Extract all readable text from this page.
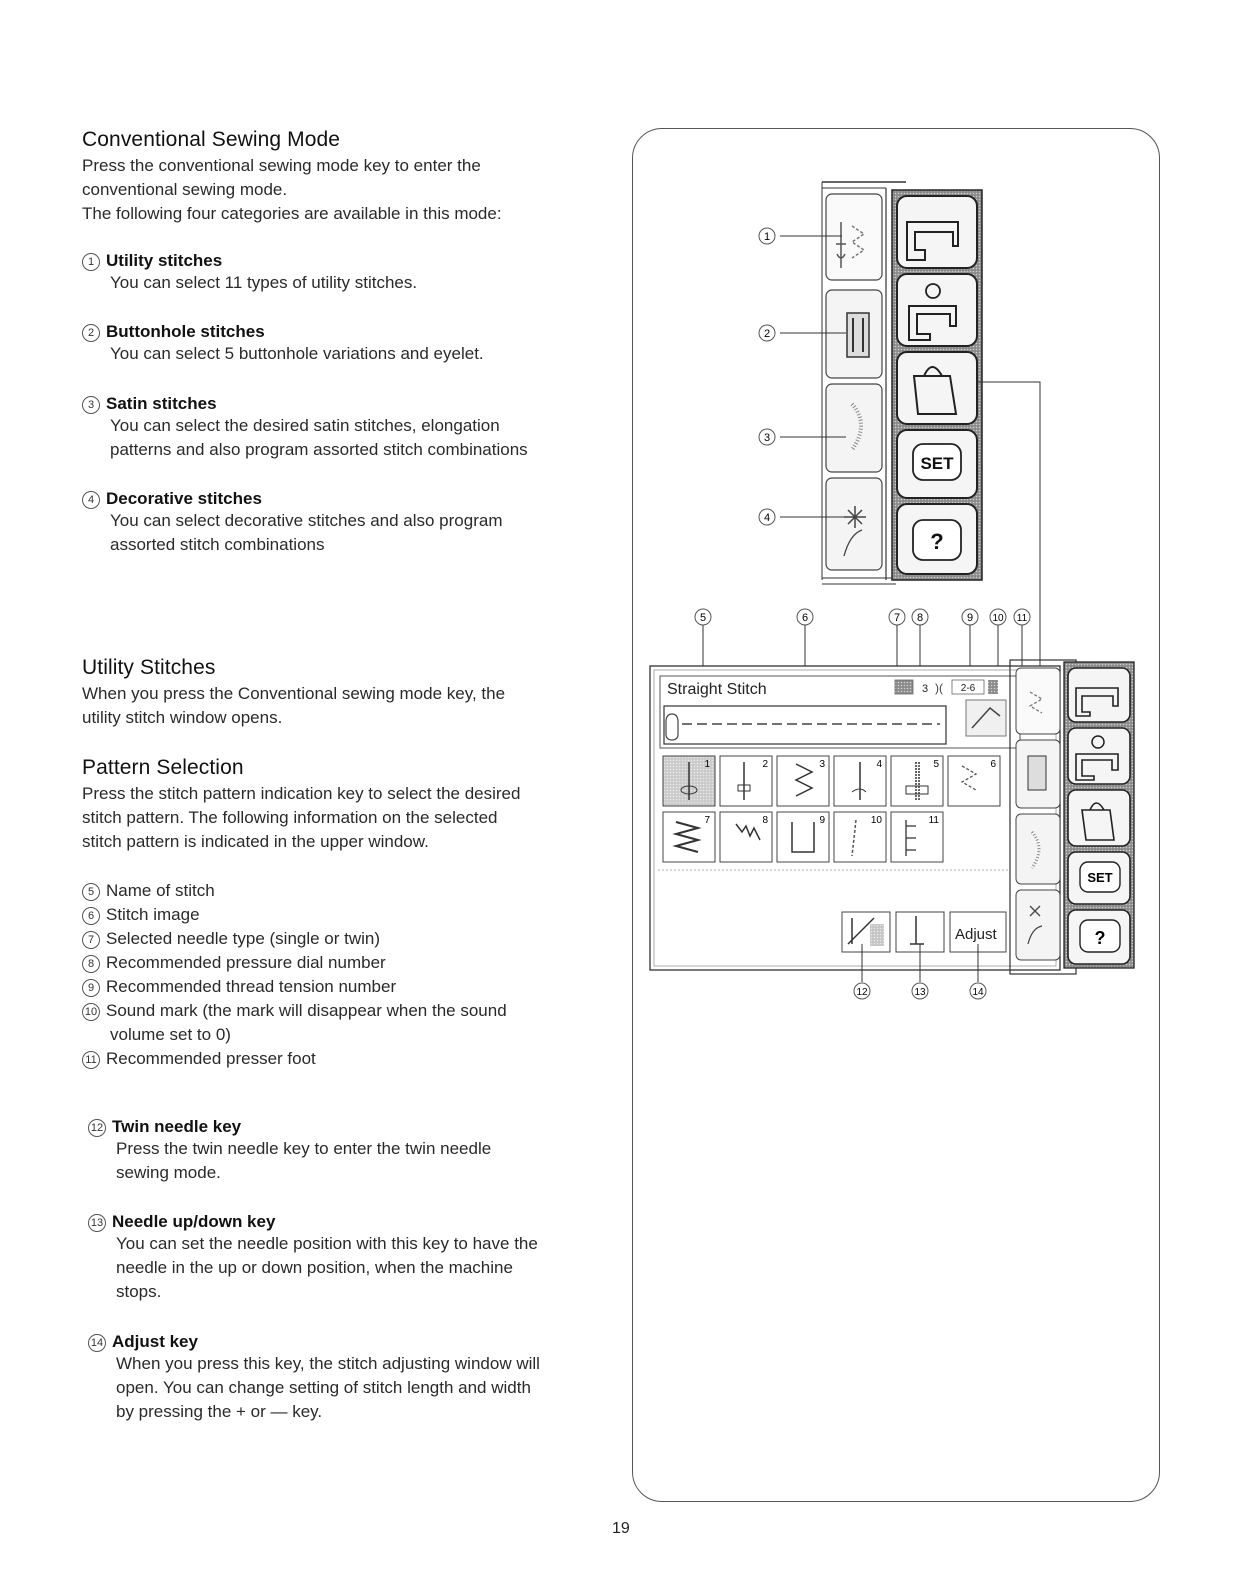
Conventional Sewing Mode
Press the conventional sewing mode key to enter the
conventional sewing mode.
The following four categories are available in this mode:
1 Utility stitches
You can select 11 types of utility stitches.
2 Buttonhole stitches
You can select 5 buttonhole variations and eyelet.
3 Satin stitches
You can select the desired satin stitches, elongation
patterns and also program assorted stitch combinations
4 Decorative stitches
You can select decorative stitches and also program
assorted stitch combinations
Utility Stitches
When you press the Conventional sewing mode key, the
utility stitch window opens.
Pattern Selection
Press the stitch pattern indication key to select the desired
stitch pattern. The following information on the selected
stitch pattern is indicated in the upper window.
5 Name of stitch
6 Stitch image
7 Selected needle type (single or twin)
8 Recommended pressure dial number
9 Recommended thread tension number
10 Sound mark (the mark will disappear when the sound
volume set to 0)
11 Recommended presser foot
12 Twin needle key
Press the twin needle key to enter the twin needle
sewing mode.
13 Needle up/down key
You can set the needle position with this key to have the
needle in the up or down position, when the machine
stops.
14 Adjust key
When you press this key, the stitch adjusting window will
open. You can change setting of stitch length and width
by pressing the + or — key.
SET
?
1
2
3
4
5	6	7 8	9 10 11
Straight Stitch	3 )( 2-6
1	2	3	4	5	6
7	8	9	10	11
Adjust
SET
?
12	13	14
19
